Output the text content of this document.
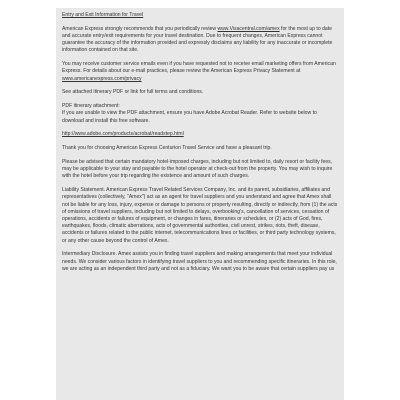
Entry and Exit Information for Travel

American Express strongly recommends that you periodically review www.Visacentral.com/amex for the most up to date and accurate entry/exit requirements for your travel destination. Due to frequent changes, American Express cannot guarantee the accuracy of the information provided and expressly disclaims any liability for any inaccurate or incomplete information contained on that site.

You may receive customer service emails even if you have requested not to receive email marketing offers from American Express. For details about our e-mail practices, please review the American Express Privacy Statement at www.americanexpress.com/privacy

See attached itinerary PDF or link for full terms and conditions.

PDF itinerary attachment:
If you are unable to view the PDF attachment, ensure you have Adobe Acrobat Reader. Refer to website below to download and install this free software.

http://www.adobe.com/products/acrobat/readstep.html

Thank you for choosing American Express Centurion Travel Service and have a pleasant trip.

Please be advised that certain mandatory hotel-imposed charges, including but not limited to, daily resort or facility fees, may be applicable to your stay and payable to the hotel operator at check-out from the property. You may wish to inquire with the hotel before your trip regarding the existence and amount of such charges.

Liability Statement. American Express Travel Related Services Company, Inc. and its parent, subsidiaries, affiliates and representatives (collectively, "Amex") act as an agent for travel suppliers and you understand and agree that Amex shall not be liable for any loss, injury, expense or damage to persons or property resulting, directly or indirectly, from (1) the acts of omissions of travel suppliers, including but not limited to delays, overbooking's, cancellation of services, cessation of operations, accidents or failures of equipment, or changes in fares, itineraries or schedules, or (2) acts of God, fires, earthquakes, floods, climatic aberrations, acts of governmental authorities, civil unrest, strikes, riots, theft, disease, accidents or failures related to the public internet, telecommunications lines or facilities, or third party technology systems, or any other cause beyond the control of Amex.

Intermediary Disclosure. Amex assists you in finding travel suppliers and making arrangements that meet your individual needs. We consider various factors in identifying travel suppliers to you and recommending specific itineraries. In this role, we are acting as an independent third party and not as a fiduciary. We want you to be aware that certain suppliers pay us
